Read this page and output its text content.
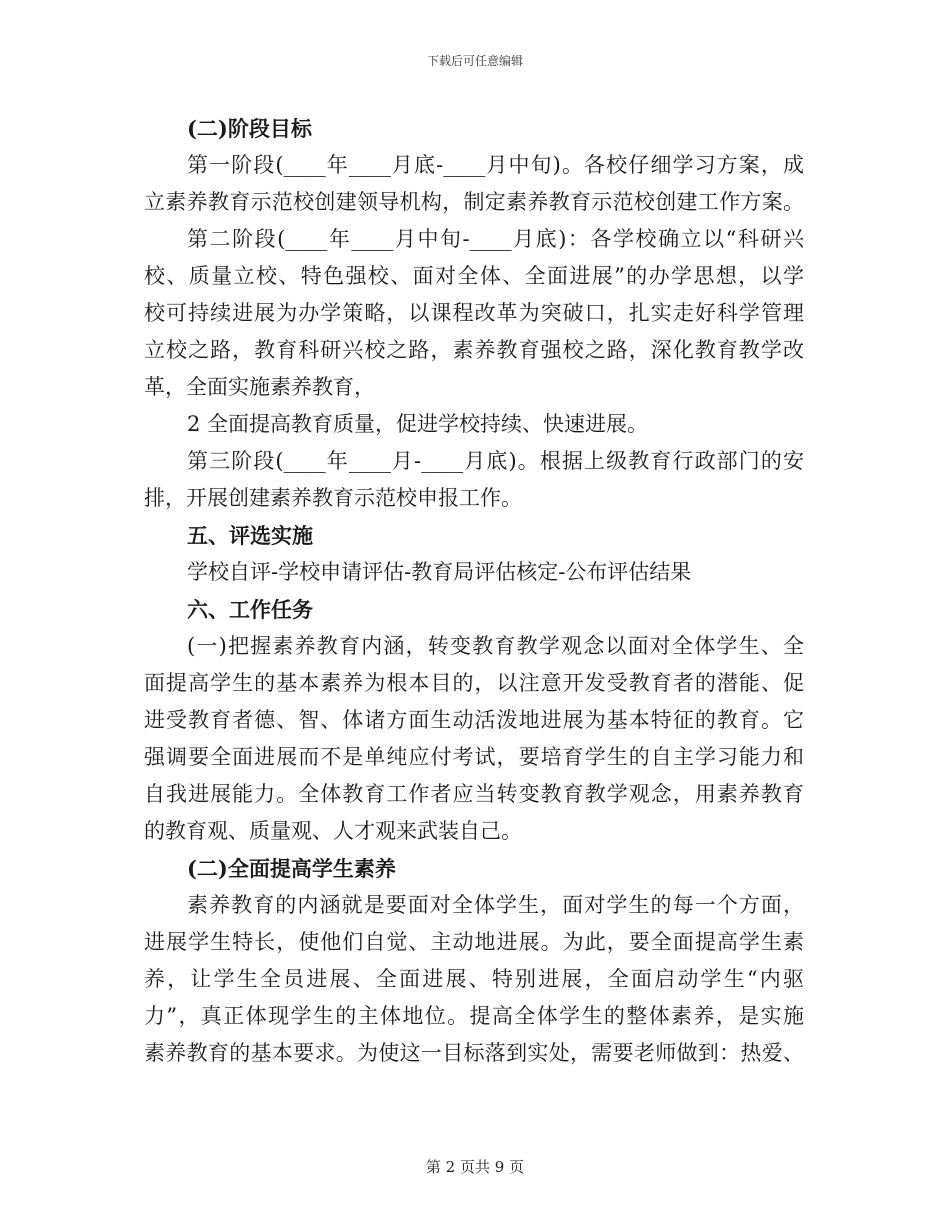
下载后可任意编辑
(二)阶段目标
第一阶段(____年____月底-____月中旬)。各校仔细学习方案，成
立素养教育示范校创建领导机构，制定素养教育示范校创建工作方案。
第二阶段(____年____月中旬-____月底)：各学校确立以“科研兴
校、质量立校、特色强校、面对全体、全面进展”的办学思想，以学
校可持续进展为办学策略，以课程改革为突破口，扎实走好科学管理
立校之路，教育科研兴校之路，素养教育强校之路，深化教育教学改
革，全面实施素养教育，
2 全面提高教育质量，促进学校持续、快速进展。
第三阶段(____年____月-____月底)。根据上级教育行政部门的安
排，开展创建素养教育示范校申报工作。
五、评选实施
学校自评-学校申请评估-教育局评估核定-公布评估结果
六、工作任务
(一)把握素养教育内涵，转变教育教学观念以面对全体学生、全
面提高学生的基本素养为根本目的，以注意开发受教育者的潜能、促
进受教育者德、智、体诸方面生动活泼地进展为基本特征的教育。它
强调要全面进展而不是单纯应付考试，要培育学生的自主学习能力和
自我进展能力。全体教育工作者应当转变教育教学观念，用素养教育
的教育观、质量观、人才观来武装自己。
(二)全面提高学生素养
素养教育的内涵就是要面对全体学生，面对学生的每一个方面，
进展学生特长，使他们自觉、主动地进展。为此，要全面提高学生素
养，让学生全员进展、全面进展、特别进展，全面启动学生“内驱
力”，真正体现学生的主体地位。提高全体学生的整体素养，是实施
素养教育的基本要求。为使这一目标落到实处，需要老师做到：热爱、
第 2 页共 9 页
